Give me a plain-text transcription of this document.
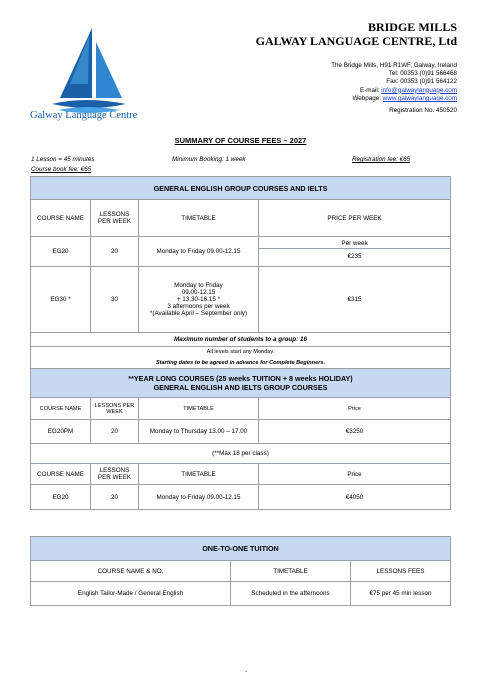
Galway Language Centre
BRIDGE MILLS
GALWAY LANGUAGE CENTRE, Ltd
The Bridge Mills, H91 R1WF, Galway, Ireland
Tel: 00353 (0)91 566468
Fax: 00353 (0)91 564122
E-mail: info@galwaylanguage.com
Webpage: www.galwaylanguage.com
Registration No. 450520
SUMMARY OF COURSE FEES – 2027
1 Lesson = 45 minutes	Minimum Booking: 1 week	Registration fee: €65
Course book fee: €65
GENERAL ENGLISH GROUP COURSES AND IELTS			
COURSE NAME	LESSONS PER WEEK	TIMETABLE	PRICE PER WEEK
EG20	20	Monday to Friday 09.00-12.15	Per week
€235

EG30 *	30	Monday to Friday
09.00-12.15
+ 13.30-16.15 *
3 afternoons per week
*(Available April – September only)	€315
Maximum number of students to a group: 16			
All levels start any Monday.			
Starting dates to be agreed in advance for Complete Beginners.			

**YEAR LONG COURSES (25 weeks TUITION + 8 weeks HOLIDAY)
GENERAL ENGLISH AND IELTS GROUP COURSES			

COURSE NAME	LESSONS PER WEEK	TIMETABLE	Price
EG20PM	20	Monday to Thursday 13.00 – 17.00	€3250
(**Max 18 per class)			
COURSE NAME	LESSONS PER WEEK	TIMETABLE	Price
EG20	20	Monday to Friday 09.00-12.15	€4050
ONE-TO-ONE TUITION		
COURSE NAME & NO.	TIMETABLE	LESSONS FEES
English Tailor-Made / General English	Scheduled in the afternoons	€75 per 45 min lesson
.
